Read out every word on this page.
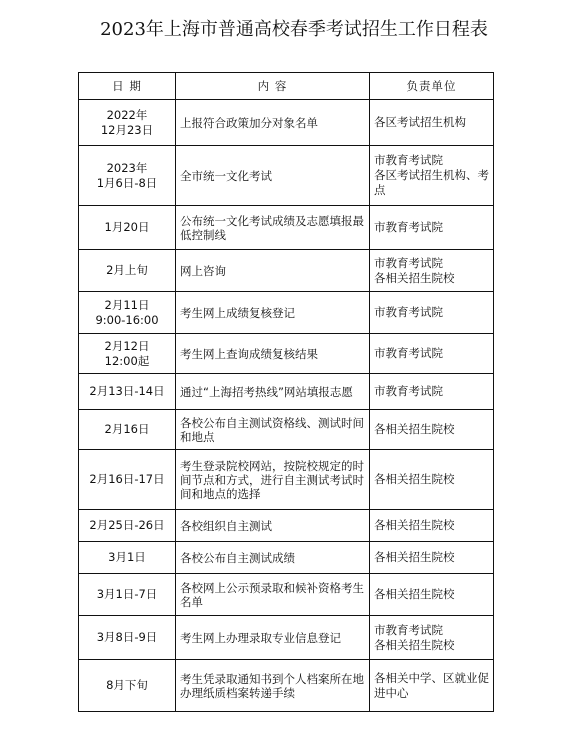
2023年上海市普通高校春季考试招生工作日程表
日 期	内 容	负责单位

2022年
12月23日	上报符合政策加分对象名单	各区考试招生机构

2023年
1月6日-8日	全市统一文化考试	市教育考试院
各区考试招生机构、考点

1月20日	公布统一文化考试成绩及志愿填报最低控制线	市教育考试院

2月上旬	网上咨询	市教育考试院
各相关招生院校

2月11日
9:00-16:00	考生网上成绩复核登记	市教育考试院

2月12日
12:00起	考生网上查询成绩复核结果	市教育考试院

2月13日-14日	通过“上海招考热线”网站填报志愿	市教育考试院

2月16日	各校公布自主测试资格线、测试时间和地点	各相关招生院校

2月16日-17日	考生登录院校网站，按院校规定的时间节点和方式，进行自主测试考试时间和地点的选择	各相关招生院校

2月25日-26日	各校组织自主测试	各相关招生院校

3月1日	各校公布自主测试成绩	各相关招生院校

3月1日-7日	各校网上公示预录取和候补资格考生名单	各相关招生院校

3月8日-9日	考生网上办理录取专业信息登记	市教育考试院
各相关招生院校

8月下旬	考生凭录取通知书到个人档案所在地办理纸质档案转递手续	各相关中学、区就业促进中心
